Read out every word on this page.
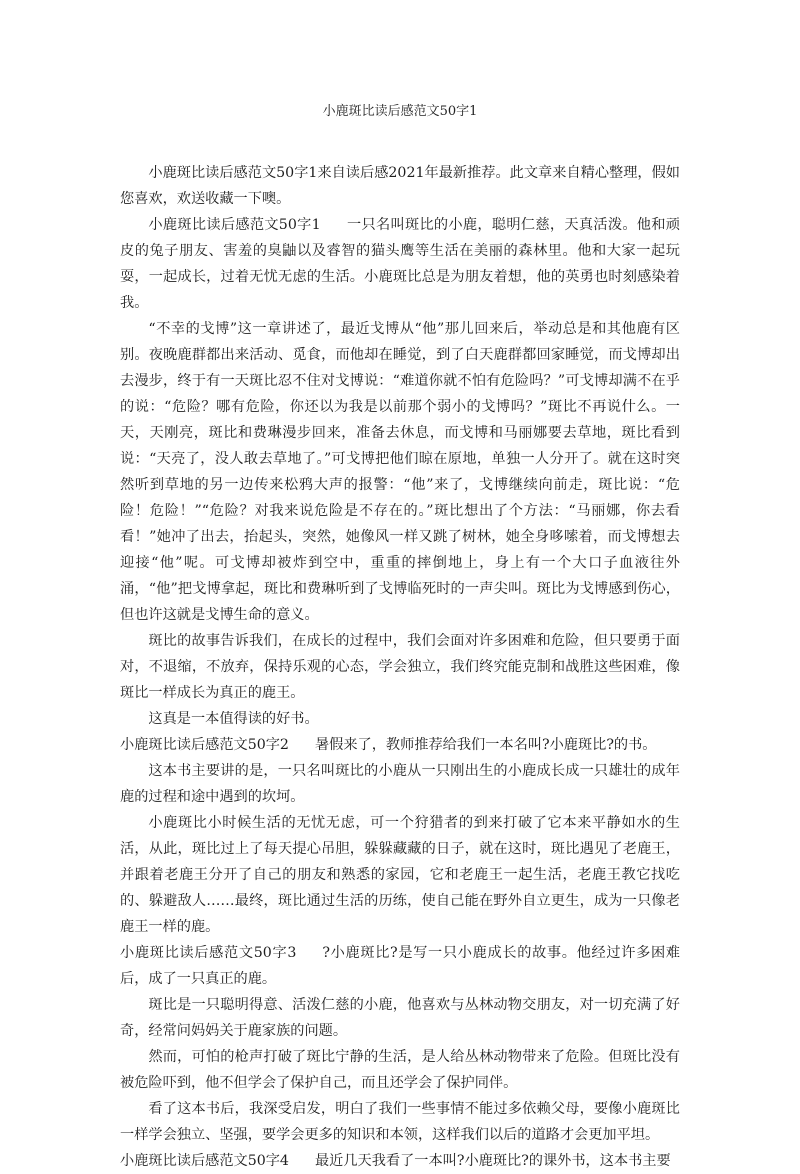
小鹿斑比读后感范文50字1

小鹿斑比读后感范文50字1来自读后感2021年最新推荐。此文章来自精心整理，假如您喜欢，欢送收藏一下噢。

小鹿斑比读后感范文50字1 一只名叫斑比的小鹿，聪明仁慈，天真活泼。他和顽皮的兔子朋友、害羞的臭鼬以及睿智的猫头鹰等生活在美丽的森林里。他和大家一起玩耍，一起成长，过着无忧无虑的生活。小鹿斑比总是为朋友着想，他的英勇也时刻感染着我。

“不幸的戈博”这一章讲述了，最近戈博从“他”那儿回来后，举动总是和其他鹿有区别。夜晚鹿群都出来活动、觅食，而他却在睡觉，到了白天鹿群都回家睡觉，而戈博却出去漫步，终于有一天斑比忍不住对戈博说：“难道你就不怕有危险吗？”可戈博却满不在乎的说：“危险？哪有危险，你还以为我是以前那个弱小的戈博吗？”斑比不再说什么。一天，天刚亮，斑比和费琳漫步回来，准备去休息，而戈博和马丽娜要去草地，斑比看到说：“天亮了，没人敢去草地了。”可戈博把他们晾在原地，单独一人分开了。就在这时突然听到草地的另一边传来松鸦大声的报警：“他”来了，戈博继续向前走，斑比说：“危险！危险！”“危险？对我来说危险是不存在的。”斑比想出了个方法：“马丽娜，你去看看！”她冲了出去，抬起头，突然，她像风一样又跳了树林，她全身哆嗦着，而戈博想去迎接“他”呢。可戈博却被炸到空中，重重的摔倒地上，身上有一个大口子血液往外涌，“他”把戈博拿起，斑比和费琳听到了戈博临死时的一声尖叫。斑比为戈博感到伤心，但也许这就是戈博生命的意义。

斑比的故事告诉我们，在成长的过程中，我们会面对许多困难和危险，但只要勇于面对，不退缩，不放弃，保持乐观的心态，学会独立，我们终究能克制和战胜这些困难，像斑比一样成长为真正的鹿王。

这真是一本值得读的好书。

小鹿斑比读后感范文50字2 暑假来了，教师推荐给我们一本名叫?小鹿斑比?的书。

这本书主要讲的是，一只名叫斑比的小鹿从一只刚出生的小鹿成长成一只雄壮的成年鹿的过程和途中遇到的坎坷。

小鹿斑比小时候生活的无忧无虑，可一个狩猎者的到来打破了它本来平静如水的生活，从此，斑比过上了每天提心吊胆，躲躲藏藏的日子，就在这时，斑比遇见了老鹿王，并跟着老鹿王分开了自己的朋友和熟悉的家园，它和老鹿王一起生活，老鹿王教它找吃的、躲避敌人……最终，斑比通过生活的历练，使自己能在野外自立更生，成为一只像老鹿王一样的鹿。

小鹿斑比读后感范文50字3 ?小鹿斑比?是写一只小鹿成长的故事。他经过许多困难后，成了一只真正的鹿。

斑比是一只聪明得意、活泼仁慈的小鹿，他喜欢与丛林动物交朋友，对一切充满了好奇，经常问妈妈关于鹿家族的问题。

然而，可怕的枪声打破了斑比宁静的生活，是人给丛林动物带来了危险。但斑比没有被危险吓到，他不但学会了保护自己，而且还学会了保护同伴。

看了这本书后，我深受启发，明白了我们一些事情不能过多依赖父母，要像小鹿斑比一样学会独立、坚强，要学会更多的知识和本领，这样我们以后的道路才会更加平坦。

小鹿斑比读后感范文50字4 最近几天我看了一本叫?小鹿斑比?的课外书，这本书主要
